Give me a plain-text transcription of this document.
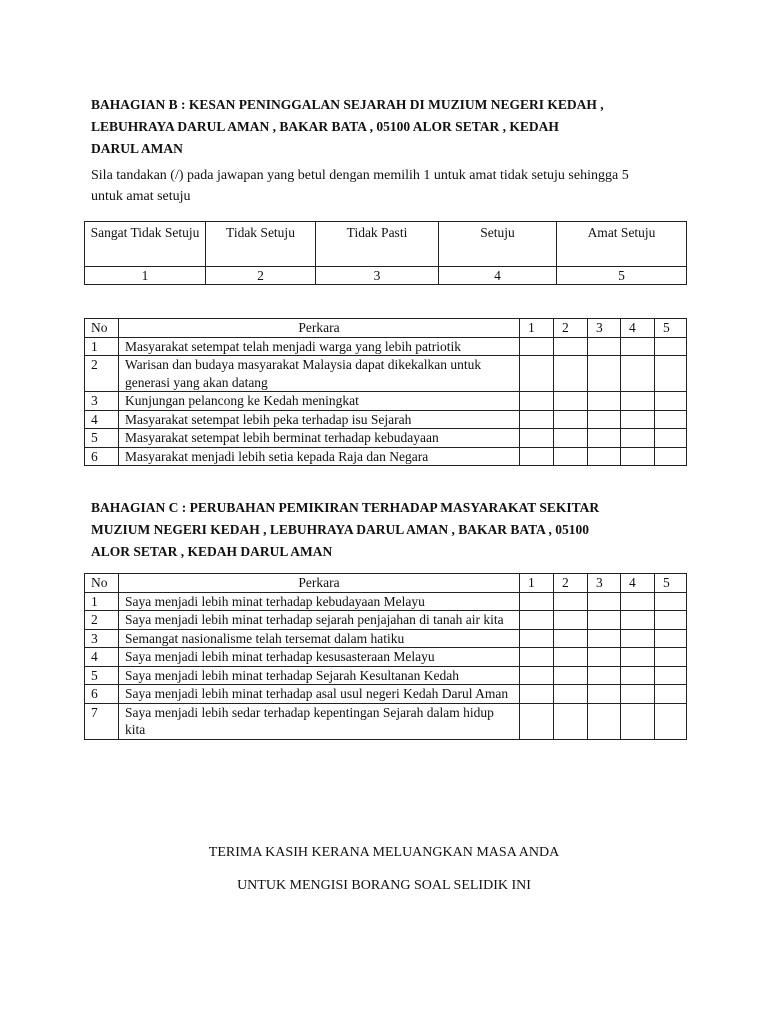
BAHAGIAN B : KESAN PENINGGALAN SEJARAH DI MUZIUM NEGERI KEDAH ,
LEBUHRAYA DARUL AMAN , BAKAR BATA , 05100 ALOR SETAR , KEDAH
DARUL AMAN
Sila tandakan (/) pada jawapan yang betul dengan memilih 1 untuk amat tidak setuju sehingga 5
untuk amat setuju
Sangat Tidak Setuju	Tidak Setuju	Tidak Pasti	Setuju	Amat Setuju
1	2	3	4	5
No	Perkara	1	2	3	4	5
1	Masyarakat setempat telah menjadi warga yang lebih patriotik					
2	Warisan dan budaya masyarakat Malaysia dapat dikekalkan untuk generasi yang akan datang					
3	Kunjungan pelancong ke Kedah meningkat					
4	Masyarakat setempat lebih peka terhadap isu Sejarah					
5	Masyarakat setempat lebih berminat terhadap kebudayaan					
6	Masyarakat menjadi lebih setia kepada Raja dan Negara					
BAHAGIAN C : PERUBAHAN PEMIKIRAN TERHADAP MASYARAKAT SEKITAR
MUZIUM NEGERI KEDAH , LEBUHRAYA DARUL AMAN , BAKAR BATA , 05100
ALOR SETAR , KEDAH DARUL AMAN
No	Perkara	1	2	3	4	5
1	Saya menjadi lebih minat terhadap kebudayaan Melayu					
2	Saya menjadi lebih minat terhadap sejarah penjajahan di tanah air kita					
3	Semangat nasionalisme telah tersemat dalam hatiku					
4	Saya menjadi lebih minat terhadap kesusasteraan Melayu					
5	Saya menjadi lebih minat terhadap Sejarah Kesultanan Kedah					
6	Saya menjadi lebih minat terhadap asal usul negeri Kedah Darul Aman					
7	Saya menjadi lebih sedar terhadap kepentingan Sejarah dalam hidup kita					
TERIMA KASIH KERANA MELUANGKAN MASA ANDA
UNTUK MENGISI BORANG SOAL SELIDIK INI
